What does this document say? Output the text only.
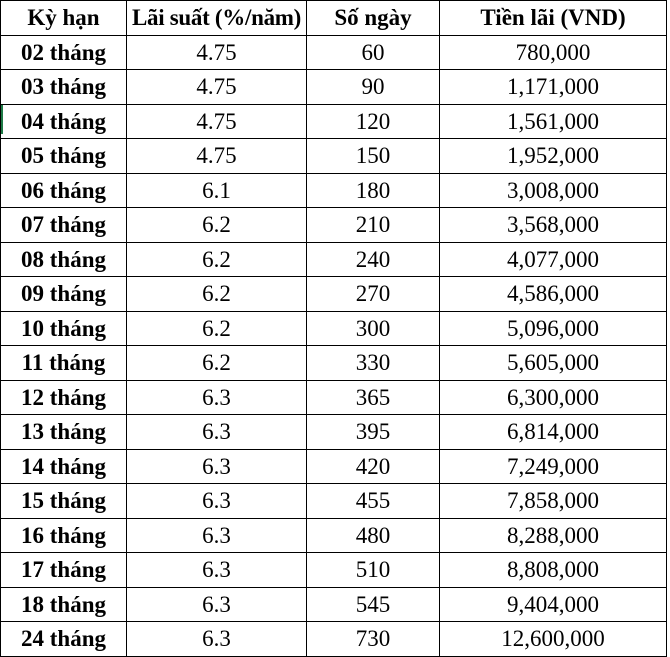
Kỳ hạn	Lãi suất (%/năm)	Số ngày	Tiền lãi (VND)
02 tháng	4.75	60	780,000
03 tháng	4.75	90	1,171,000
04 tháng	4.75	120	1,561,000
05 tháng	4.75	150	1,952,000
06 tháng	6.1	180	3,008,000
07 tháng	6.2	210	3,568,000
08 tháng	6.2	240	4,077,000
09 tháng	6.2	270	4,586,000
10 tháng	6.2	300	5,096,000
11 tháng	6.2	330	5,605,000
12 tháng	6.3	365	6,300,000
13 tháng	6.3	395	6,814,000
14 tháng	6.3	420	7,249,000
15 tháng	6.3	455	7,858,000
16 tháng	6.3	480	8,288,000
17 tháng	6.3	510	8,808,000
18 tháng	6.3	545	9,404,000
24 tháng	6.3	730	12,600,000
